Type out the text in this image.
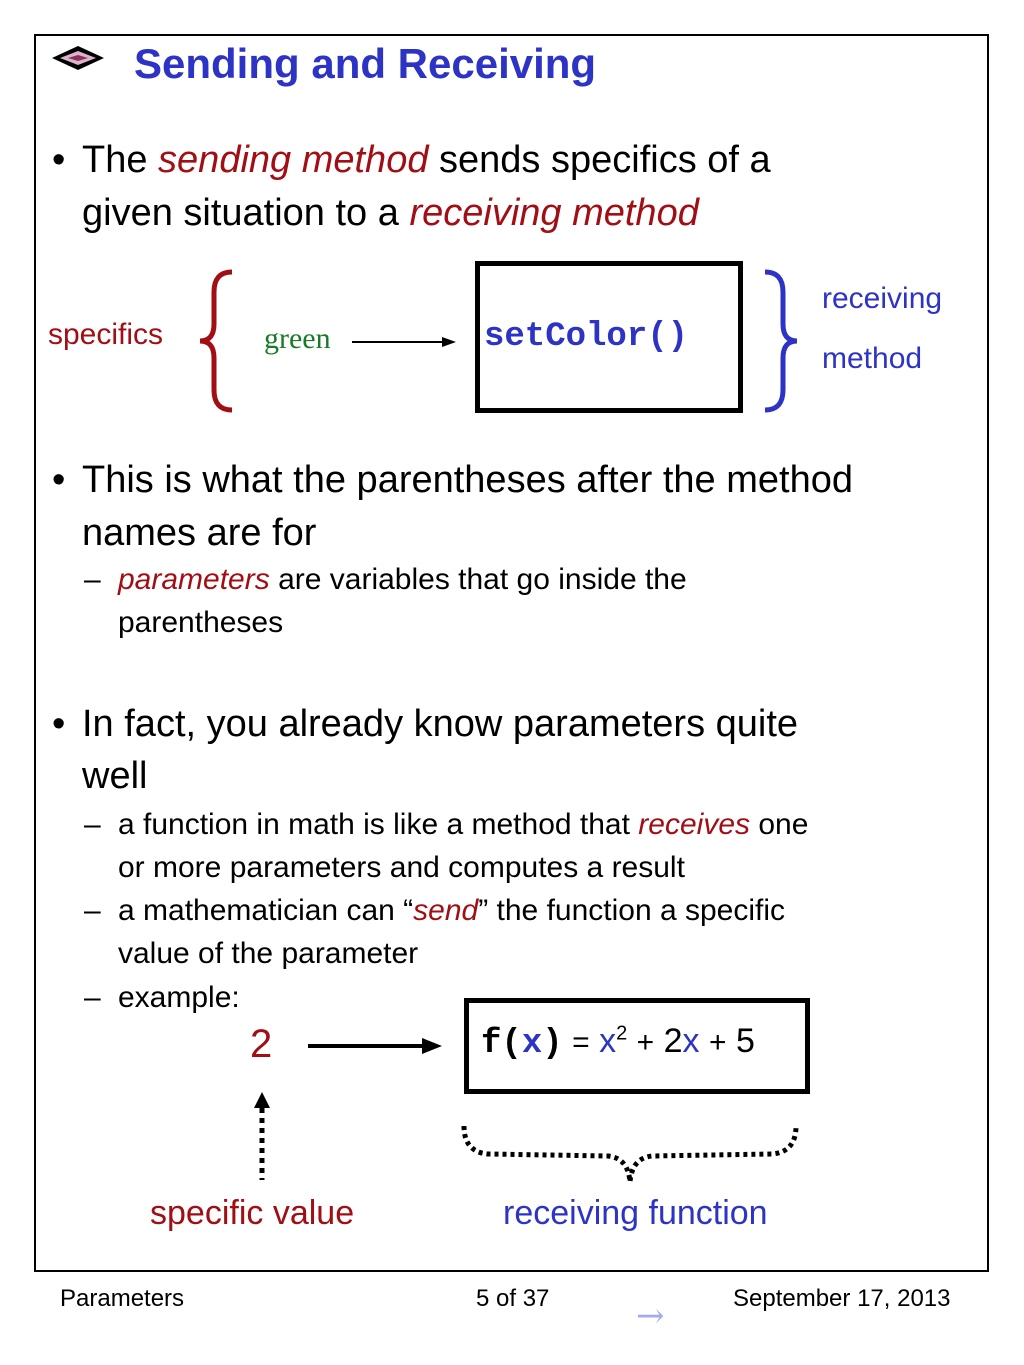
Sending and Receiving
• The sending method sends specifics of a
given situation to a receiving method
specifics	green	setColor()
receiving
method
• This is what the parentheses after the method
names are for
– parameters are variables that go inside the
parentheses
• In fact, you already know parameters quite
well
– a function in math is like a method that receives one
or more parameters and computes a result
– a mathematician can “send” the function a specific
value of the parameter
– example:
2	$f(x) = x^2 + 2x + 5$
specific value	receiving function
Parameters	5 of 37	September 17, 2013
→
